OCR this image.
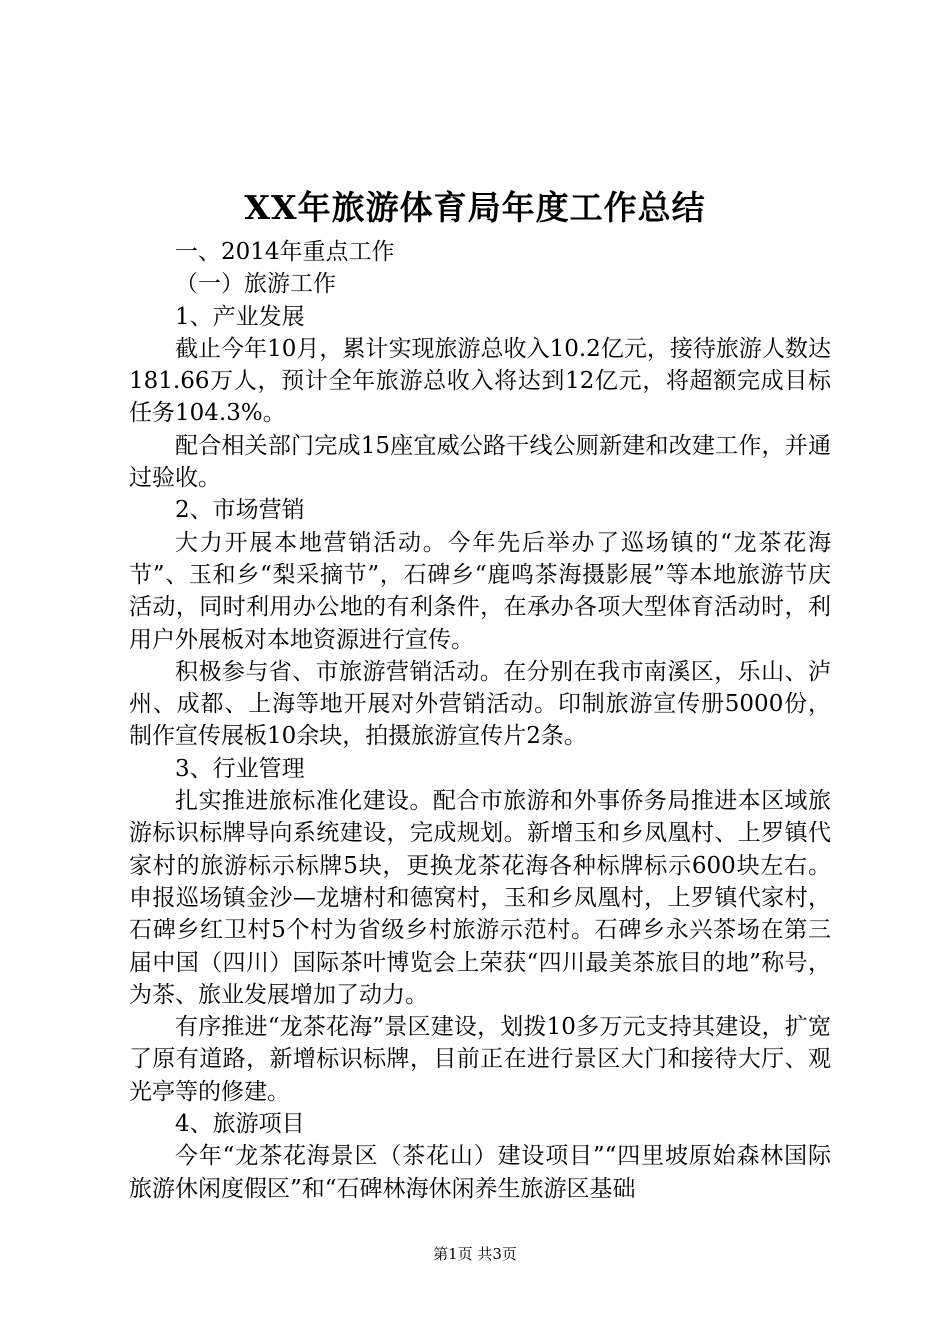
XX年旅游体育局年度工作总结

一、2014年重点工作

（一）旅游工作

1、产业发展

截止今年10月，累计实现旅游总收入10.2亿元，接待旅游人数达181.66万人，预计全年旅游总收入将达到12亿元，将超额完成目标任务104.3%。

配合相关部门完成15座宜威公路干线公厕新建和改建工作，并通过验收。

2、市场营销

大力开展本地营销活动。今年先后举办了巡场镇的“龙茶花海节”、玉和乡“梨采摘节”，石碑乡“鹿鸣茶海摄影展”等本地旅游节庆活动，同时利用办公地的有利条件，在承办各项大型体育活动时，利用户外展板对本地资源进行宣传。

积极参与省、市旅游营销活动。在分别在我市南溪区，乐山、泸州、成都、上海等地开展对外营销活动。印制旅游宣传册5000份，制作宣传展板10余块，拍摄旅游宣传片2条。

3、行业管理

扎实推进旅标准化建设。配合市旅游和外事侨务局推进本区域旅游标识标牌导向系统建设，完成规划。新增玉和乡凤凰村、上罗镇代家村的旅游标示标牌5块，更换龙茶花海各种标牌标示600块左右。申报巡场镇金沙—龙塘村和德窝村，玉和乡凤凰村，上罗镇代家村，石碑乡红卫村5个村为省级乡村旅游示范村。石碑乡永兴茶场在第三届中国（四川）国际茶叶博览会上荣获“四川最美茶旅目的地”称号，为茶、旅业发展增加了动力。

有序推进“龙茶花海”景区建设，划拨10多万元支持其建设，扩宽了原有道路，新增标识标牌，目前正在进行景区大门和接待大厅、观光亭等的修建。

4、旅游项目

今年“龙茶花海景区（茶花山）建设项目”“四里坡原始森林国际旅游休闲度假区”和“石碑林海休闲养生旅游区基础

第1页 共3页
